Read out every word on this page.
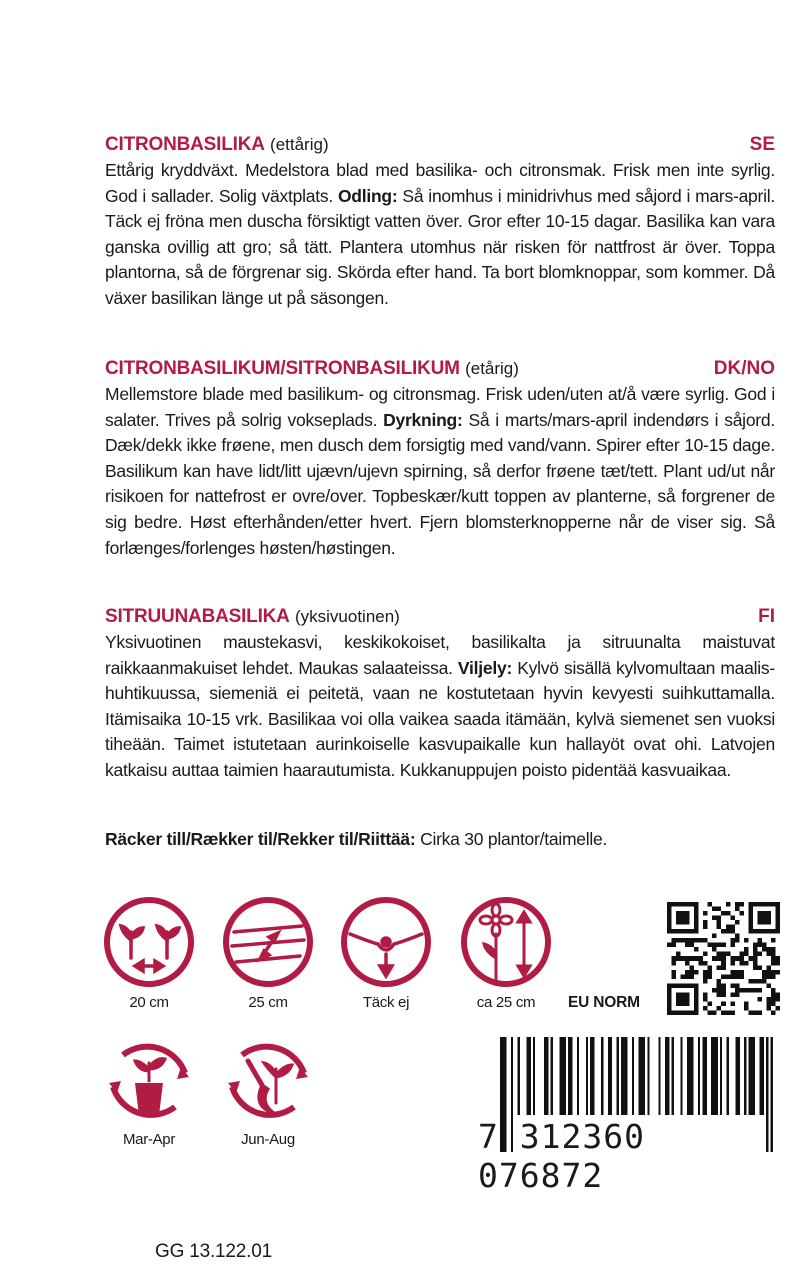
CITRONBASILIKA (ettårig)	SE
Ettårig kryddväxt. Medelstora blad med basilika- och citronsmak. Frisk men inte syrlig. God i sallader. Solig växtplats. Odling: Så inomhus i minidrivhus med såjord i mars-april. Täck ej fröna men duscha försiktigt vatten över. Gror efter 10-15 dagar. Basilika kan vara ganska ovillig att gro; så tätt. Plantera utomhus när risken för nattfrost är över. Toppa plantorna, så de förgrenar sig. Skörda efter hand. Ta bort blomknoppar, som kommer. Då växer basilikan länge ut på säsongen.
CITRONBASILIKUM/SITRONBASILIKUM (etårig)	DK/NO
Mellemstore blade med basilikum- og citronsmag. Frisk uden/uten at/å være syrlig. God i salater. Trives på solrig vokseplads. Dyrkning: Så i marts/mars-april indendørs i såjord. Dæk/dekk ikke frøene, men dusch dem forsigtig med vand/vann. Spirer efter 10-15 dage. Basilikum kan have lidt/litt ujævn/ujevn spirning, så derfor frøene tæt/tett. Plant ud/ut når risikoen for nattefrost er ovre/over. Topbeskær/kutt toppen av planterne, så forgrener de sig bedre. Høst efterhånden/etter hvert. Fjern blomsterknopperne når de viser sig. Så forlænges/forlenges høsten/høstingen.
SITRUUNABASILIKA (yksivuotinen)	FI
Yksivuotinen maustekasvi, keskikokoiset, basilikalta ja sitruunalta maistuvat raikkaanmakuiset lehdet. Maukas salaateissa. Viljely: Kylvö sisällä kylvomultaan maalis-huhtikuussa, siemeniä ei peitetä, vaan ne kostutetaan hyvin kevyesti suihkuttamalla. Itämisaika 10-15 vrk. Basilikaa voi olla vaikea saada itämään, kylvä siemenet sen vuoksi tiheään. Taimet istutetaan aurinkoiselle kasvupaikalle kun hallayöt ovat ohi. Latvojen katkaisu auttaa taimien haarautumista. Kukkanuppujen poisto pidentää kasvuaikaa.
Räcker till/Rækker til/Rekker til/Riittää: Cirka 30 plantor/taimelle.
20 cm	25 cm	Täck ej	ca 25 cm	EU NORM
Mar-Apr	Jun-Aug	7 312360 076872
GG 13.122.01
